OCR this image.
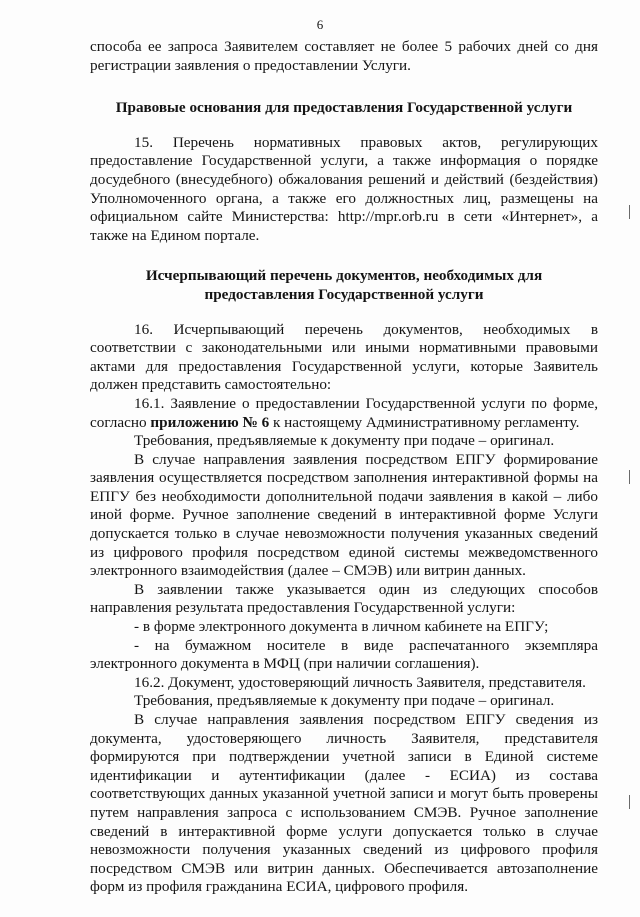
6

способа ее запроса Заявителем составляет не более 5 рабочих дней со дня регистрации заявления о предоставлении Услуги.

Правовые основания для предоставления Государственной услуги

15. Перечень нормативных правовых актов, регулирующих предоставление Государственной услуги, а также информация о порядке досудебного (внесудебного) обжалования решений и действий (бездействия) Уполномоченного органа, а также его должностных лиц, размещены на официальном сайте Министерства: http://mpr.orb.ru в сети «Интернет», а также на Едином портале.

Исчерпывающий перечень документов, необходимых для
предоставления Государственной услуги

16. Исчерпывающий перечень документов, необходимых в соответствии с законодательными или иными нормативными правовыми актами для предоставления Государственной услуги, которые Заявитель должен представить самостоятельно:

16.1. Заявление о предоставлении Государственной услуги по форме, согласно приложению № 6 к настоящему Административному регламенту.

Требования, предъявляемые к документу при подаче – оригинал.

В случае направления заявления посредством ЕПГУ формирование заявления осуществляется посредством заполнения интерактивной формы на ЕПГУ без необходимости дополнительной подачи заявления в какой – либо иной форме. Ручное заполнение сведений в интерактивной форме Услуги допускается только в случае невозможности получения указанных сведений из цифрового профиля посредством единой системы межведомственного электронного взаимодействия (далее – СМЭВ) или витрин данных.

В заявлении также указывается один из следующих способов направления результата предоставления Государственной услуги:

- в форме электронного документа в личном кабинете на ЕПГУ;

- на бумажном носителе в виде распечатанного экземпляра электронного документа в МФЦ (при наличии соглашения).

16.2. Документ, удостоверяющий личность Заявителя, представителя.

Требования, предъявляемые к документу при подаче – оригинал.

В случае направления заявления посредством ЕПГУ сведения из документа, удостоверяющего личность Заявителя, представителя формируются при подтверждении учетной записи в Единой системе идентификации и аутентификации (далее - ЕСИА) из состава соответствующих данных указанной учетной записи и могут быть проверены путем направления запроса с использованием СМЭВ. Ручное заполнение сведений в интерактивной форме услуги допускается только в случае невозможности получения указанных сведений из цифрового профиля посредством СМЭВ или витрин данных. Обеспечивается автозаполнение форм из профиля гражданина ЕСИА, цифрового профиля.
